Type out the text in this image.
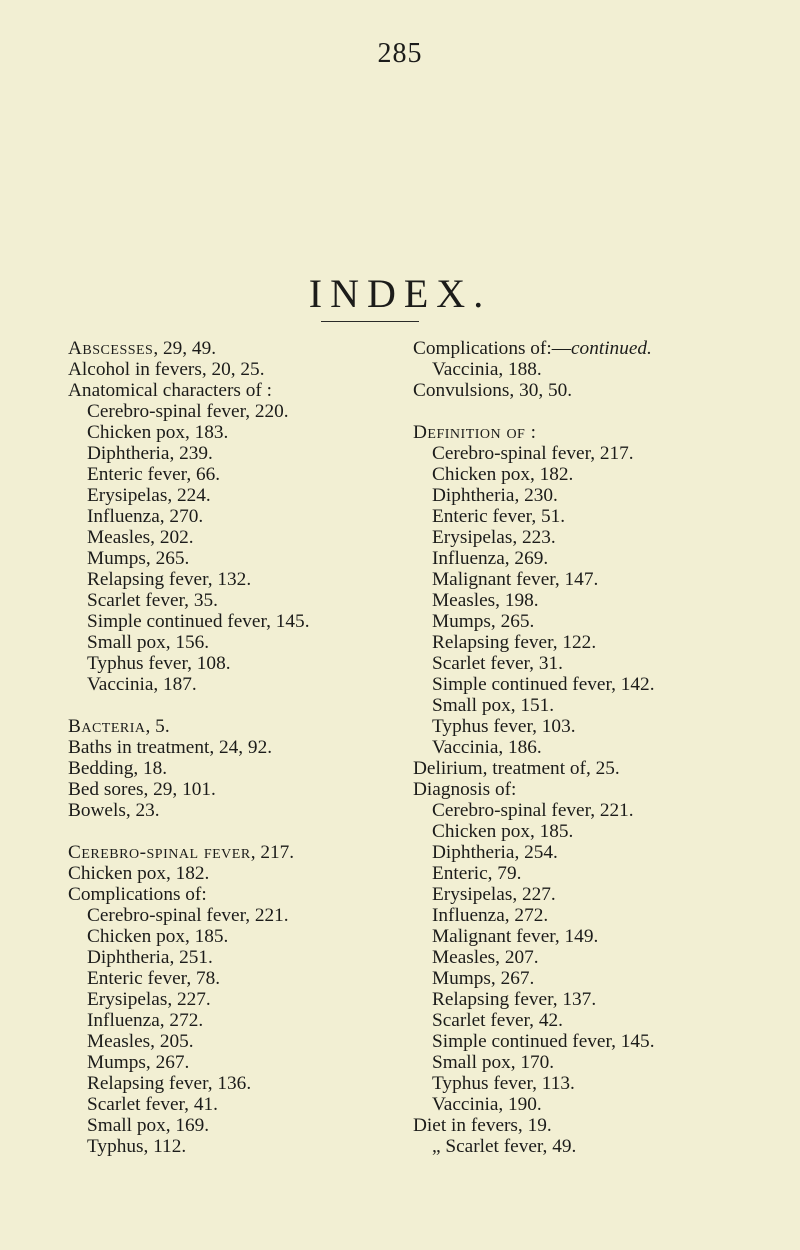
285
INDEX.
Abscesses, 29, 49.
Alcohol in fevers, 20, 25.
Anatomical characters of :
Cerebro-spinal fever, 220.
Chicken pox, 183.
Diphtheria, 239.
Enteric fever, 66.
Erysipelas, 224.
Influenza, 270.
Measles, 202.
Mumps, 265.
Relapsing fever, 132.
Scarlet fever, 35.
Simple continued fever, 145.
Small pox, 156.
Typhus fever, 108.
Vaccinia, 187.
Bacteria, 5.
Baths in treatment, 24, 92.
Bedding, 18.
Bed sores, 29, 101.
Bowels, 23.
Cerebro-spinal fever, 217.
Chicken pox, 182.
Complications of:
Cerebro-spinal fever, 221.
Chicken pox, 185.
Diphtheria, 251.
Enteric fever, 78.
Erysipelas, 227.
Influenza, 272.
Measles, 205.
Mumps, 267.
Relapsing fever, 136.
Scarlet fever, 41.
Small pox, 169.
Typhus, 112.
Complications of:—continued.
Vaccinia, 188.
Convulsions, 30, 50.
Definition of :
Cerebro-spinal fever, 217.
Chicken pox, 182.
Diphtheria, 230.
Enteric fever, 51.
Erysipelas, 223.
Influenza, 269.
Malignant fever, 147.
Measles, 198.
Mumps, 265.
Relapsing fever, 122.
Scarlet fever, 31.
Simple continued fever, 142.
Small pox, 151.
Typhus fever, 103.
Vaccinia, 186.
Delirium, treatment of, 25.
Diagnosis of:
Cerebro-spinal fever, 221.
Chicken pox, 185.
Diphtheria, 254.
Enteric, 79.
Erysipelas, 227.
Influenza, 272.
Malignant fever, 149.
Measles, 207.
Mumps, 267.
Relapsing fever, 137.
Scarlet fever, 42.
Simple continued fever, 145.
Small pox, 170.
Typhus fever, 113.
Vaccinia, 190.
Diet in fevers, 19.
„ Scarlet fever, 49.
